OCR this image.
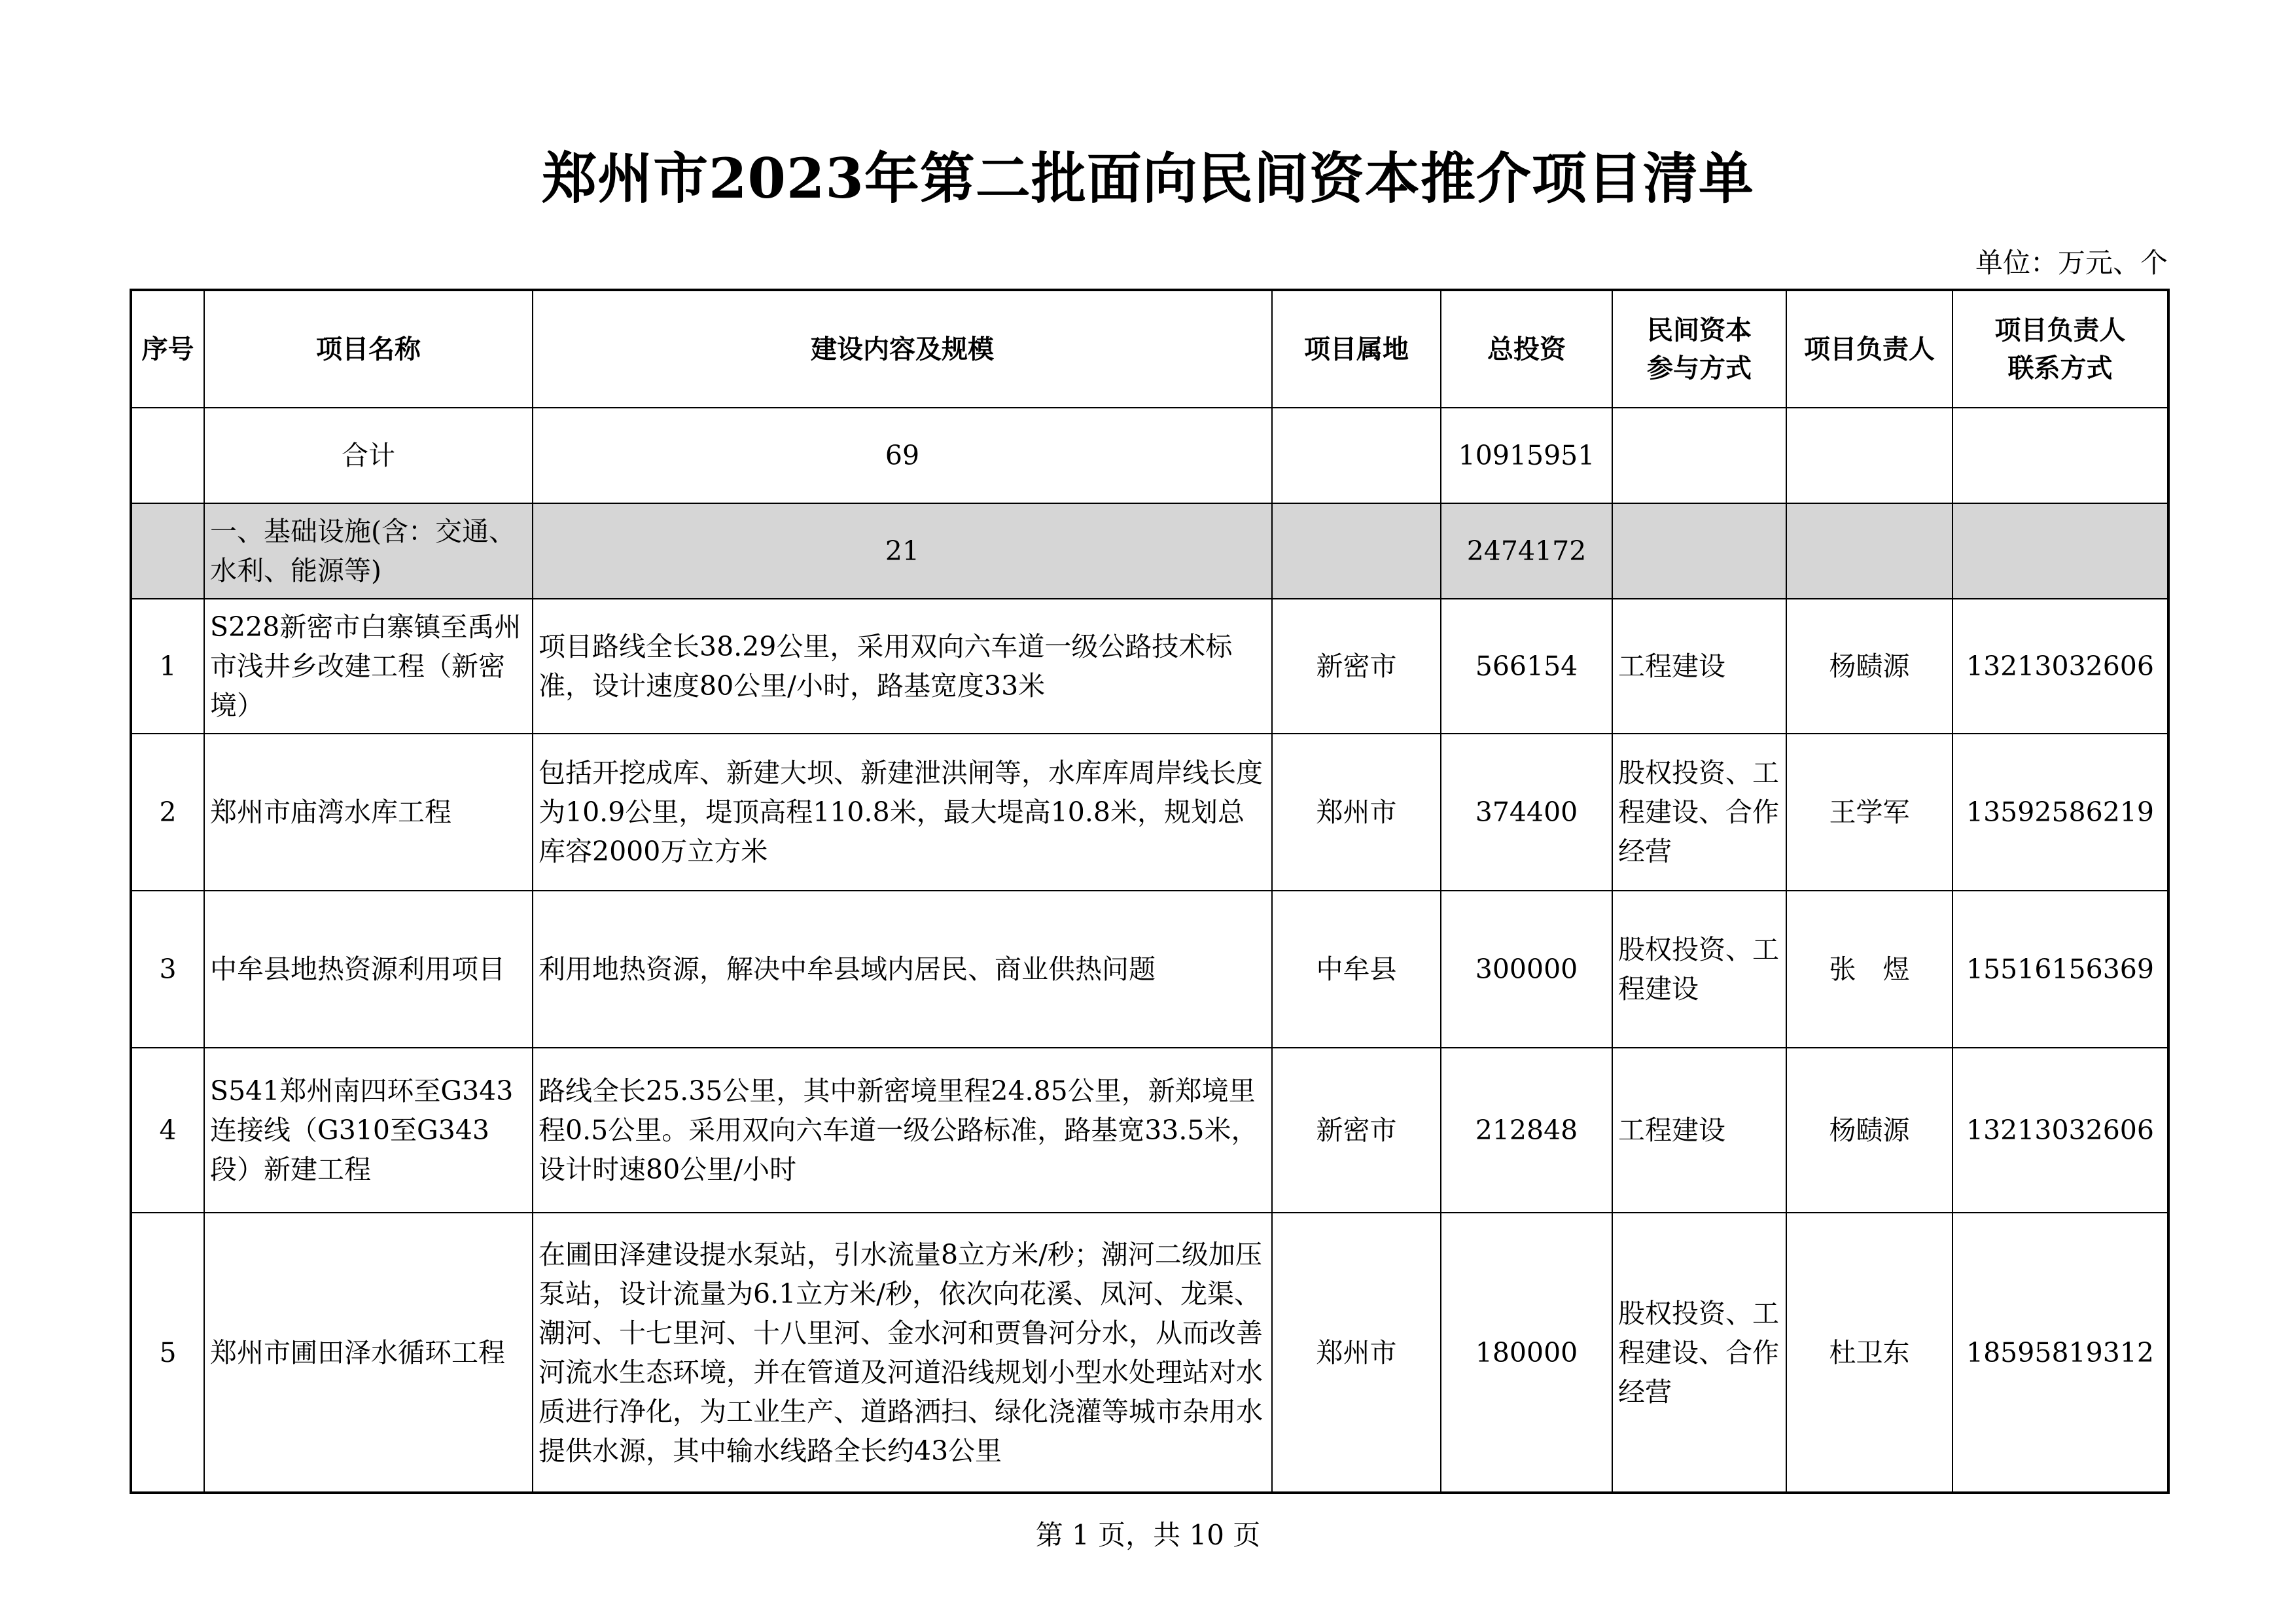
郑州市2023年第二批面向民间资本推介项目清单
单位：万元、个
序号	项目名称	建设内容及规模	项目属地	总投资	民间资本参与方式	项目负责人	项目负责人联系方式
	合计	69		10915951			
	一、基础设施(含：交通、水利、能源等)	21		2474172			
1	S228新密市白寨镇至禹州市浅井乡改建工程（新密境）	项目路线全长38.29公里，采用双向六车道一级公路技术标准，设计速度80公里/小时，路基宽度33米	新密市	566154	工程建设	杨赜源	13213032606
2	郑州市庙湾水库工程	包括开挖成库、新建大坝、新建泄洪闸等，水库库周岸线长度为10.9公里，堤顶高程110.8米，最大堤高10.8米，规划总库容2000万立方米	郑州市	374400	股权投资、工程建设、合作经营	王学军	13592586219
3	中牟县地热资源利用项目	利用地热资源，解决中牟县域内居民、商业供热问题	中牟县	300000	股权投资、工程建设	张　煜	15516156369
4	S541郑州南四环至G343连接线（G310至G343段）新建工程	路线全长25.35公里，其中新密境里程24.85公里，新郑境里程0.5公里。采用双向六车道一级公路标准，路基宽33.5米，设计时速80公里/小时	新密市	212848	工程建设	杨赜源	13213032606
5	郑州市圃田泽水循环工程	在圃田泽建设提水泵站，引水流量8立方米/秒；潮河二级加压泵站，设计流量为6.1立方米/秒，依次向花溪、凤河、龙渠、潮河、十七里河、十八里河、金水河和贾鲁河分水，从而改善河流水生态环境，并在管道及河道沿线规划小型水处理站对水质进行净化，为工业生产、道路洒扫、绿化浇灌等城市杂用水提供水源，其中输水线路全长约43公里	郑州市	180000	股权投资、工程建设、合作经营	杜卫东	18595819312
第 1 页，共 10 页
